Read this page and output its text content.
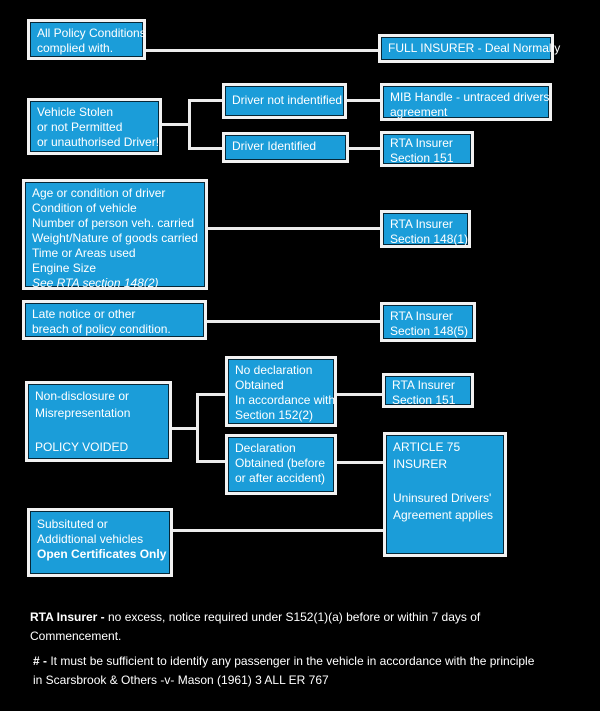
All Policy Conditions
complied with.	FULL INSURER - Deal Normally
Vehicle Stolen
or not Permitted
or unauthorised Driver!
Driver not indentified	MIB Handle - untraced drivers
agreement
Driver Identified	RTA Insurer
Section 151
Age or condition of driver
Condition of vehicle
Number of person veh. carried
Weight/Nature of goods carried
Time or Areas used
Engine Size
See RTA section 148(2)
RTA Insurer
Section 148(1)
Late notice or other
breach of policy condition.
RTA Insurer
Section 148(5)
Non-disclosure or
Misrepresentation
POLICY VOIDED
No declaration
Obtained
In accordance with
Section 152(2)
RTA Insurer
Section 151
Declaration
Obtained (before
or after accident)
ARTICLE 75
INSURER
Uninsured Drivers'
Agreement applies
Subsituted or
Addidtional vehicles
Open Certificates Only
RTA Insurer - no excess, notice required under S152(1)(a) before or within 7 days of
Commencement.
# - It must be sufficient to identify any passenger in the vehicle in accordance with the principle
in Scarsbrook & Others -v- Mason (1961) 3 ALL ER 767
